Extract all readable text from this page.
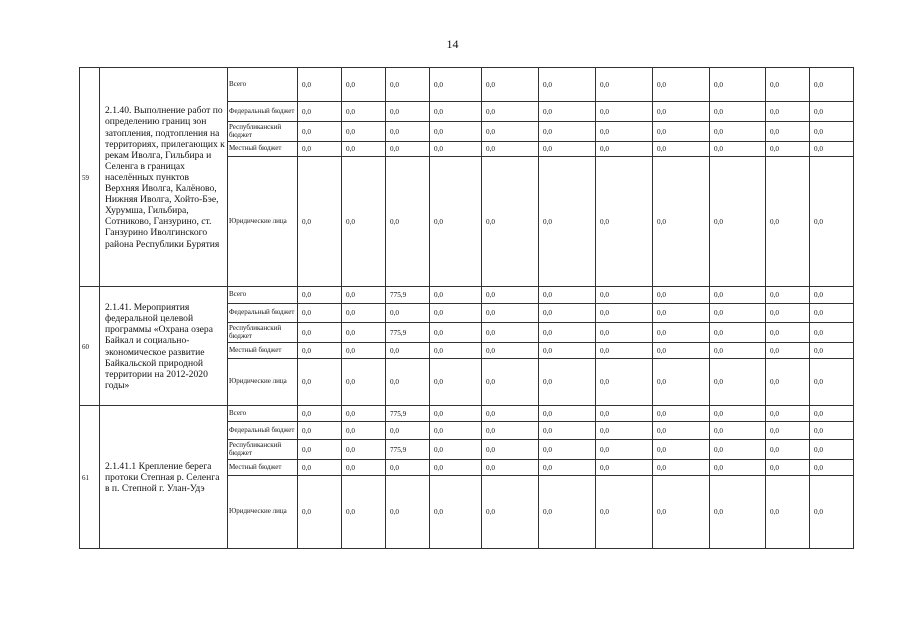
14
59	2.1.40. Выполнение работ по определению границ зон затопления, подтопления на территориях, прилегающих к рекам Иволга, Гильбира и Селенга в границах населённых пунктов Верхняя Иволга, Калёново, Нижняя Иволга, Хойто-Бэе, Хурумша, Гильбира, Сотниково, Ганзурино, ст. Ганзурино Иволгинского района Республики Бурятия	Всего	0,0	0,0	0,0	0,0	0,0	0,0	0,0	0,0	0,0	0,0	0,0
		Федеральный бюджет	0,0	0,0	0,0	0,0	0,0	0,0	0,0	0,0	0,0	0,0	0,0
		Республиканский бюджет	0,0	0,0	0,0	0,0	0,0	0,0	0,0	0,0	0,0	0,0	0,0
		Местный бюджет	0,0	0,0	0,0	0,0	0,0	0,0	0,0	0,0	0,0	0,0	0,0
		Юридические лица	0,0	0,0	0,0	0,0	0,0	0,0	0,0	0,0	0,0	0,0	0,0
60	2.1.41. Мероприятия федеральной целевой программы «Охрана озера Байкал и социально-экономическое развитие Байкальской природной территории на 2012-2020 годы»	Всего	0,0	0,0	775,9	0,0	0,0	0,0	0,0	0,0	0,0	0,0	0,0
		Федеральный бюджет	0,0	0,0	0,0	0,0	0,0	0,0	0,0	0,0	0,0	0,0	0,0
		Республиканский бюджет	0,0	0,0	775,9	0,0	0,0	0,0	0,0	0,0	0,0	0,0	0,0
		Местный бюджет	0,0	0,0	0,0	0,0	0,0	0,0	0,0	0,0	0,0	0,0	0,0
		Юридические лица	0,0	0,0	0,0	0,0	0,0	0,0	0,0	0,0	0,0	0,0	0,0
61	2.1.41.1 Крепление берега протоки Степная р. Селенга в п. Степной г. Улан-Удэ	Всего	0,0	0,0	775,9	0,0	0,0	0,0	0,0	0,0	0,0	0,0	0,0
		Федеральный бюджет	0,0	0,0	0,0	0,0	0,0	0,0	0,0	0,0	0,0	0,0	0,0
		Республиканский бюджет	0,0	0,0	775,9	0,0	0,0	0,0	0,0	0,0	0,0	0,0	0,0
		Местный бюджет	0,0	0,0	0,0	0,0	0,0	0,0	0,0	0,0	0,0	0,0	0,0
		Юридические лица	0,0	0,0	0,0	0,0	0,0	0,0	0,0	0,0	0,0	0,0	0,0
